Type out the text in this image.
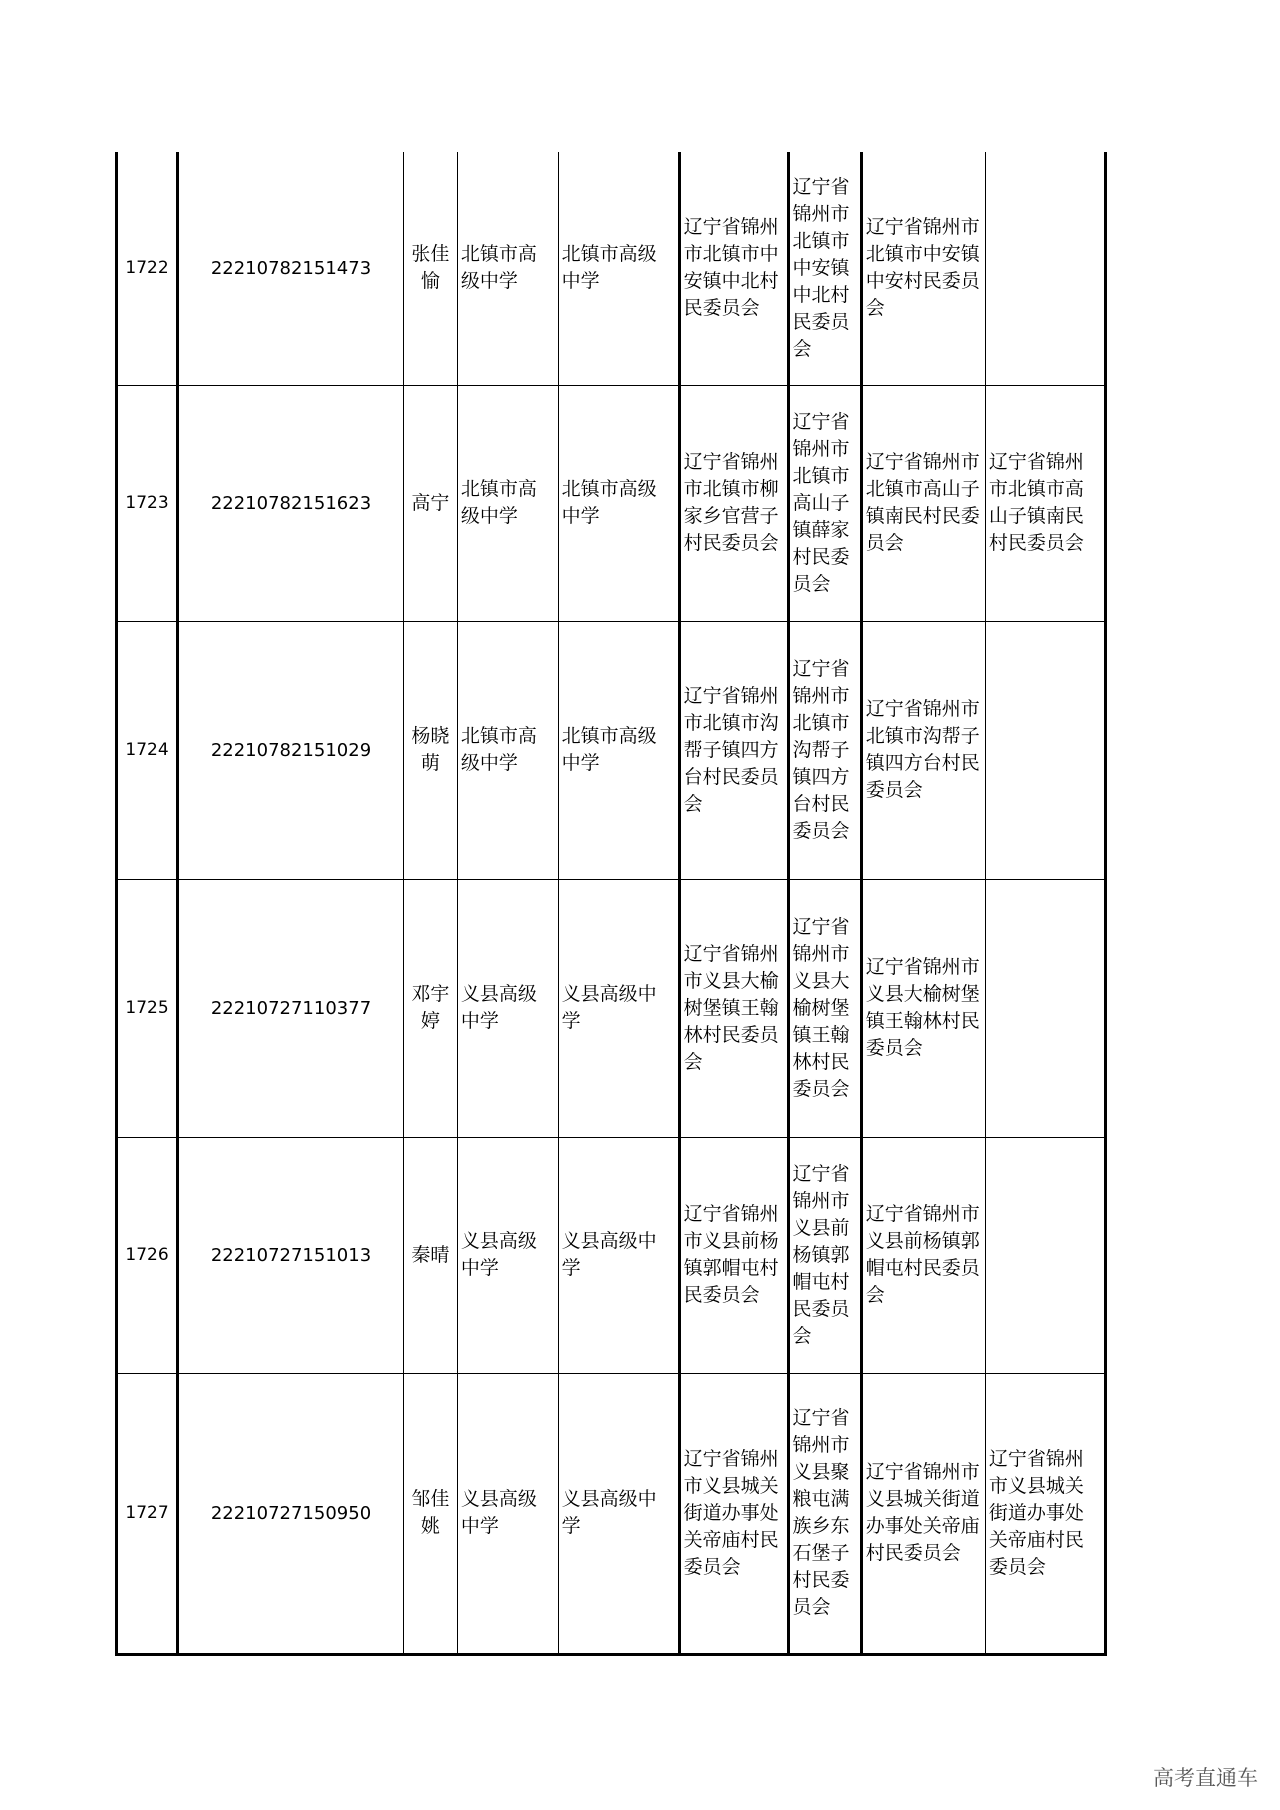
1722	22210782151473	张佳愉	北镇市高级中学	北镇市高级中学	辽宁省锦州市北镇市中安镇中北村民委员会	辽宁省锦州市北镇市中安镇中北村民委员会	辽宁省锦州市北镇市中安镇中安村民委员会	
1723	22210782151623	高宁	北镇市高级中学	北镇市高级中学	辽宁省锦州市北镇市柳家乡官营子村民委员会	辽宁省锦州市北镇市高山子镇薛家村民委员会	辽宁省锦州市北镇市高山子镇南民村民委员会	辽宁省锦州市北镇市高山子镇南民村民委员会
1724	22210782151029	杨晓萌	北镇市高级中学	北镇市高级中学	辽宁省锦州市北镇市沟帮子镇四方台村民委员会	辽宁省锦州市北镇市沟帮子镇四方台村民委员会	辽宁省锦州市北镇市沟帮子镇四方台村民委员会	
1725	22210727110377	邓宇婷	义县高级中学	义县高级中学	辽宁省锦州市义县大榆树堡镇王翰林村民委员会	辽宁省锦州市义县大榆树堡镇王翰林村民委员会	辽宁省锦州市义县大榆树堡镇王翰林村民委员会	
1726	22210727151013	秦晴	义县高级中学	义县高级中学	辽宁省锦州市义县前杨镇郭帽屯村民委员会	辽宁省锦州市义县前杨镇郭帽屯村民委员会	辽宁省锦州市义县前杨镇郭帽屯村民委员会	
1727	22210727150950	邹佳姚	义县高级中学	义县高级中学	辽宁省锦州市义县城关街道办事处关帝庙村民委员会	辽宁省锦州市义县聚粮屯满族乡东石堡子村民委员会	辽宁省锦州市义县城关街道办事处关帝庙村民委员会	辽宁省锦州市义县城关街道办事处关帝庙村民委员会
高考直通车
